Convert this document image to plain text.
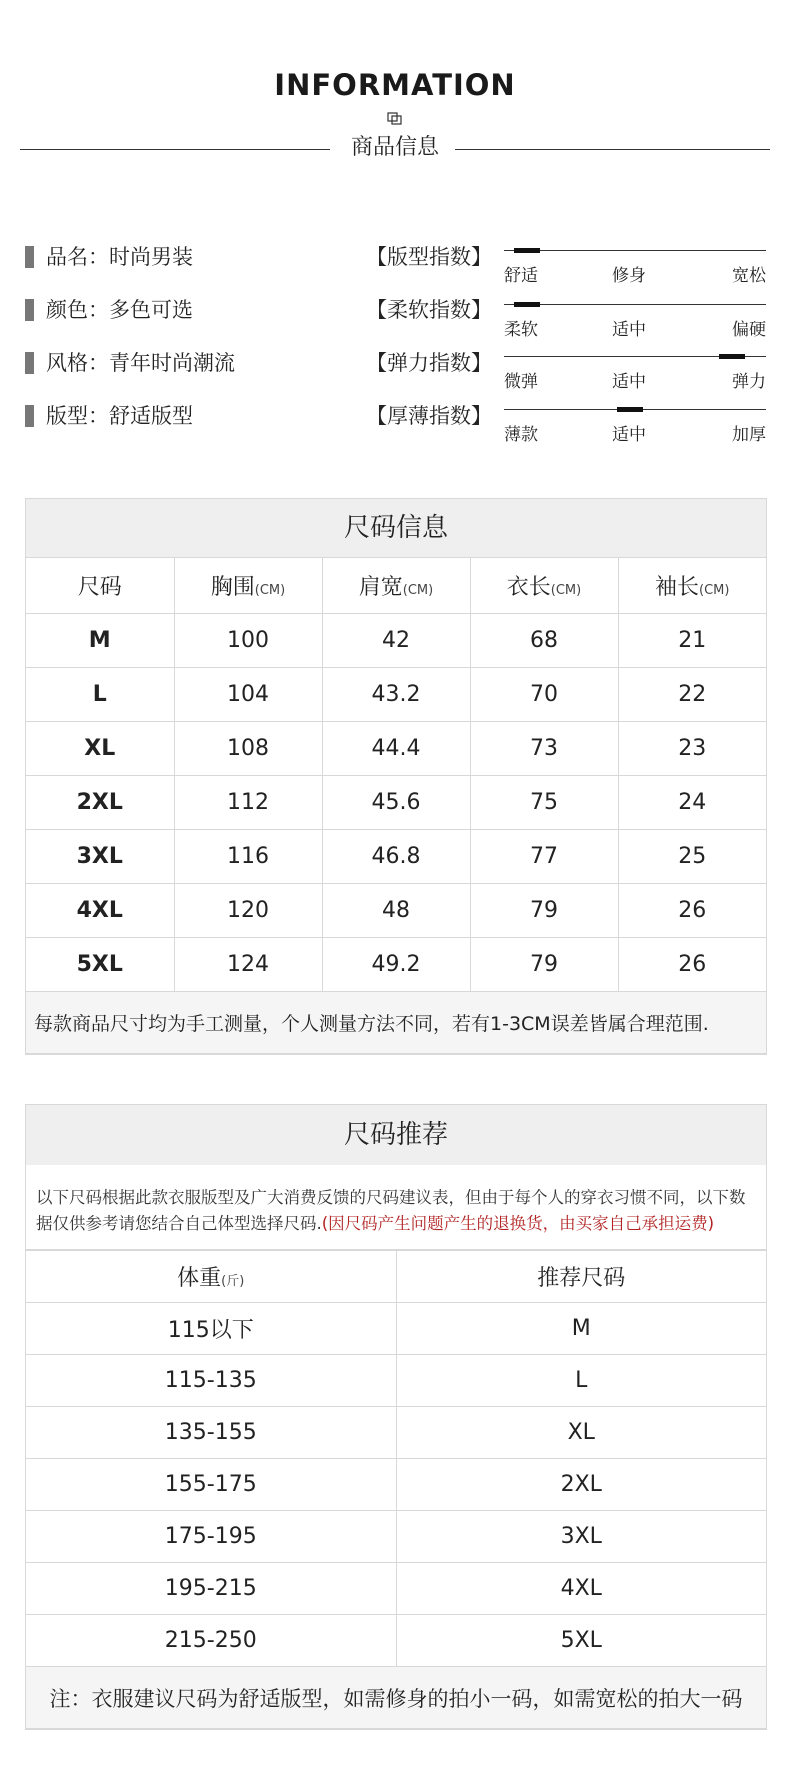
INFORMATION
商品信息
品名：时尚男装
颜色：多色可选
风格：青年时尚潮流
版型：舒适版型
【版型指数】
舒适	修身	宽松
【柔软指数】
柔软	适中	偏硬
【弹力指数】
微弹	适中	弹力
【厚薄指数】
薄款	适中	加厚
尺码信息
尺码	胸围(CM)	肩宽(CM)	衣长(CM)	袖长(CM)
M	100	42	68	21
L	104	43.2	70	22
XL	108	44.4	73	23
2XL	112	45.6	75	24
3XL	116	46.8	77	25
4XL	120	48	79	26
5XL	124	49.2	79	26
每款商品尺寸均为手工测量，个人测量方法不同，若有1-3CM误差皆属合理范围.				
尺码推荐
以下尺码根据此款衣服版型及广大消费反馈的尺码建议表，但由于每个人的穿衣习惯不同，以下数据仅供参考请您结合自己体型选择尺码.(因尺码产生问题产生的退换货，由买家自己承担运费)
体重(斤)	推荐尺码
115以下	M
115-135	L
135-155	XL
155-175	2XL
175-195	3XL
195-215	4XL
215-250	5XL
注：衣服建议尺码为舒适版型，如需修身的拍小一码，如需宽松的拍大一码	
